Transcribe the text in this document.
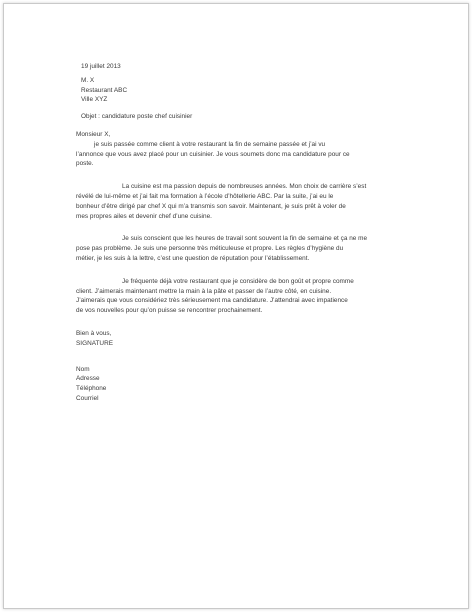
19 juillet 2013
M. X
Restaurant ABC
Ville XYZ
Objet : candidature poste chef cuisinier
Monsieur X,
je suis passée comme client à votre restaurant la fin de semaine passée et j’ai vu
l’annonce que vous avez placé pour un cuisinier. Je vous soumets donc ma candidature pour ce
poste.
La cuisine est ma passion depuis de nombreuses années. Mon choix de carrière s’est
révélé de lui-même et j’ai fait ma formation à l’école d’hôtellerie ABC. Par la suite, j’ai eu le
bonheur d’être dirigé par chef X qui m’a transmis son savoir. Maintenant, je suis prêt à voler de
mes propres ailes et devenir chef d’une cuisine.
Je suis conscient que les heures de travail sont souvent la fin de semaine et ça ne me
pose pas problème. Je suis une personne très méticuleuse et propre. Les règles d’hygiène du
métier, je les suis à la lettre, c’est une question de réputation pour l’établissement.
Je fréquente déjà votre restaurant que je considère de bon goût et propre comme
client. J’aimerais maintenant mettre la main à la pâte et passer de l’autre côté, en cuisine.
J’aimerais que vous considériez très sérieusement ma candidature. J’attendrai avec impatience
de vos nouvelles pour qu’on puisse se rencontrer prochainement.
Bien à vous,
SIGNATURE
Nom
Adresse
Téléphone
Courriel
